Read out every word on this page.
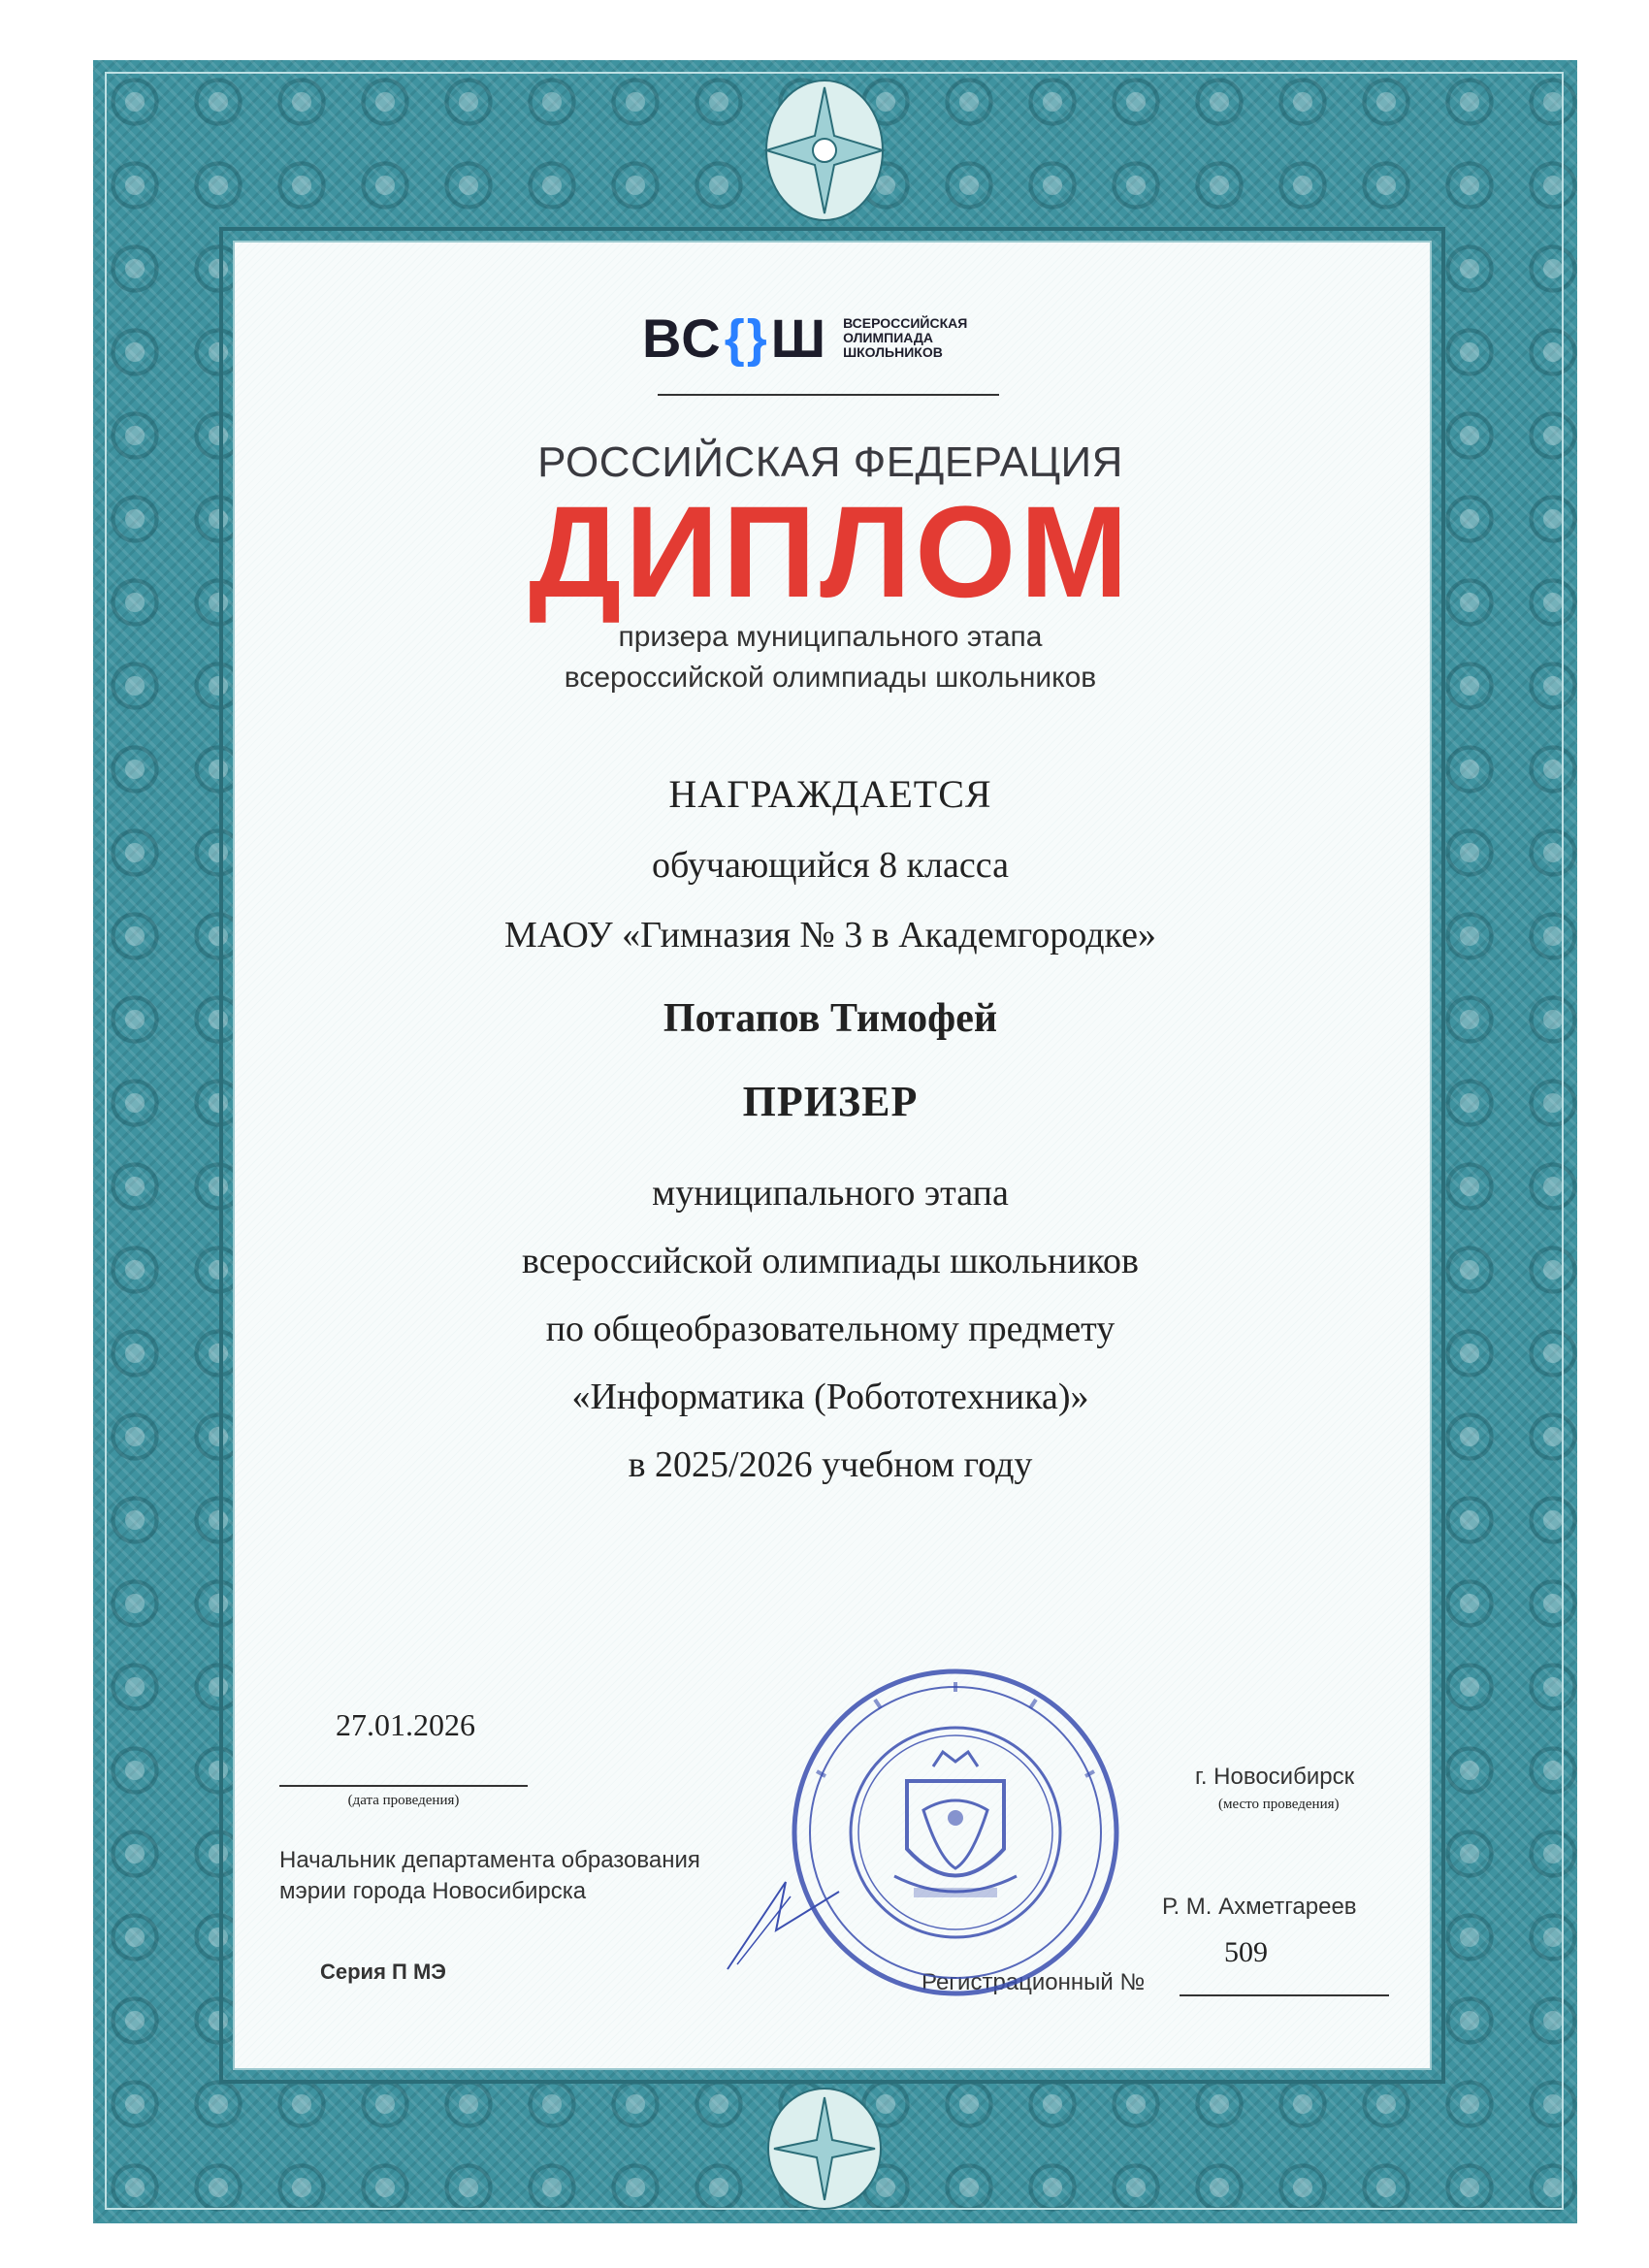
ВС {} Ш ВСЕРОССИЙСКАЯ
ОЛИМПИАДА
ШКОЛЬНИКОВ
РОССИЙСКАЯ ФЕДЕРАЦИЯ
ДИПЛОМ
призера муниципального этапа
всероссийской олимпиады школьников
НАГРАЖДАЕТСЯ
обучающийся 8 класса
МАОУ «Гимназия № 3 в Академгородке»
Потапов Тимофей
ПРИЗЕР
муниципального этапа
всероссийской олимпиады школьников
по общеобразовательному предмету
«Информатика (Робототехника)»
в 2025/2026 учебном году
27.01.2026
(дата проведения)
г. Новосибирск
(место проведения)
Начальник департамента образования
мэрии города Новосибирска
Р. М. Ахметгареев
Серия П МЭ
509
Регистрационный №
